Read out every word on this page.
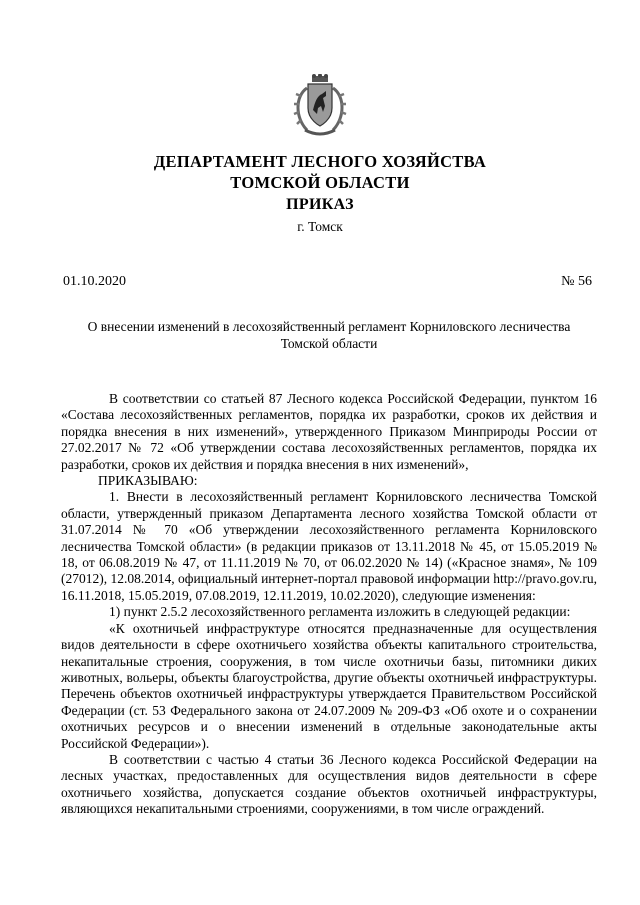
ДЕПАРТАМЕНТ ЛЕСНОГО ХОЗЯЙСТВА
ТОМСКОЙ ОБЛАСТИ
ПРИКАЗ
г. Томск
01.10.2020	№ 56
О внесении изменений в лесохозяйственный регламент Корниловского лесничества
Томской области

В соответствии со статьей 87 Лесного кодекса Российской Федерации, пунктом 16 «Состава лесохозяйственных регламентов, порядка их разработки, сроков их действия и порядка внесения в них изменений», утвержденного Приказом Минприроды России от 27.02.2017 № 72 «Об утверждении состава лесохозяйственных регламентов, порядка их разработки, сроков их действия и порядка внесения в них изменений»,

ПРИКАЗЫВАЮ:

1. Внести в лесохозяйственный регламент Корниловского лесничества Томской области, утвержденный приказом Департамента лесного хозяйства Томской области от 31.07.2014 № 70 «Об утверждении лесохозяйственного регламента Корниловского лесничества Томской области» (в редакции приказов от 13.11.2018 № 45, от 15.05.2019 № 18, от 06.08.2019 № 47, от 11.11.2019 № 70, от 06.02.2020 № 14) («Красное знамя», № 109 (27012), 12.08.2014, официальный интернет-портал правовой информации http://pravo.gov.ru, 16.11.2018, 15.05.2019, 07.08.2019, 12.11.2019, 10.02.2020), следующие изменения:

1) пункт 2.5.2 лесохозяйственного регламента изложить в следующей редакции:

«К охотничьей инфраструктуре относятся предназначенные для осуществления видов деятельности в сфере охотничьего хозяйства объекты капитального строительства, некапитальные строения, сооружения, в том числе охотничьи базы, питомники диких животных, вольеры, объекты благоустройства, другие объекты охотничьей инфраструктуры. Перечень объектов охотничьей инфраструктуры утверждается Правительством Российской Федерации (ст. 53 Федерального закона от 24.07.2009 № 209-ФЗ «Об охоте и о сохранении охотничьих ресурсов и о внесении изменений в отдельные законодательные акты Российской Федерации»).

В соответствии с частью 4 статьи 36 Лесного кодекса Российской Федерации на лесных участках, предоставленных для осуществления видов деятельности в сфере охотничьего хозяйства, допускается создание объектов охотничьей инфраструктуры, являющихся некапитальными строениями, сооружениями, в том числе ограждений.
